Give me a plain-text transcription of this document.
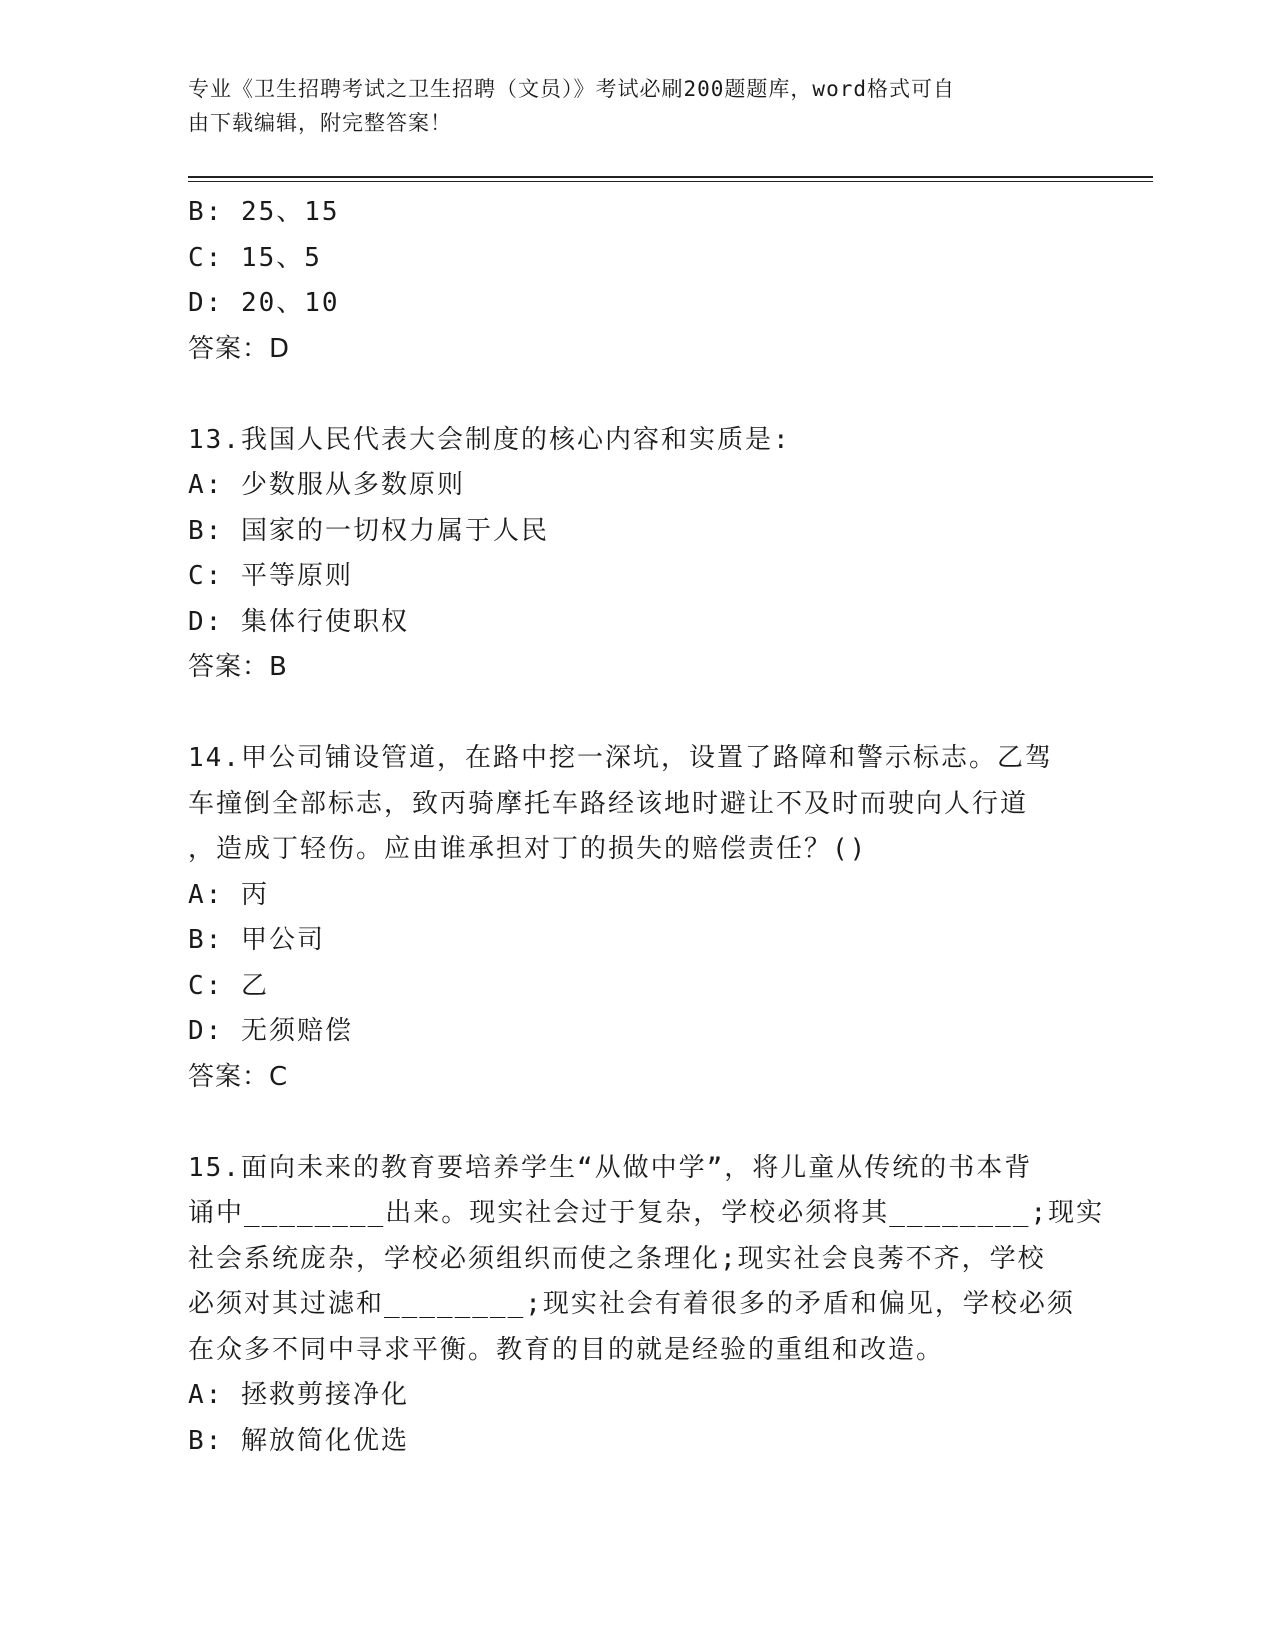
专业《卫生招聘考试之卫生招聘（文员）》考试必刷200题题库，word格式可自
由下载编辑，附完整答案！
B: 25、15
C: 15、5
D: 20、10
答案：D
13.我国人民代表大会制度的核心内容和实质是:
A: 少数服从多数原则
B: 国家的一切权力属于人民
C: 平等原则
D: 集体行使职权
答案：B
14.甲公司铺设管道，在路中挖一深坑，设置了路障和警示标志。乙驾
车撞倒全部标志，致丙骑摩托车路经该地时避让不及时而驶向人行道
，造成丁轻伤。应由谁承担对丁的损失的赔偿责任？()
A: 丙
B: 甲公司
C: 乙
D: 无须赔偿
答案：C
15.面向未来的教育要培养学生“从做中学”，将儿童从传统的书本背
诵中________出来。现实社会过于复杂，学校必须将其________;现实
社会系统庞杂，学校必须组织而使之条理化;现实社会良莠不齐，学校
必须对其过滤和________;现实社会有着很多的矛盾和偏见，学校必须
在众多不同中寻求平衡。教育的目的就是经验的重组和改造。
A: 拯救剪接净化
B: 解放简化优选
